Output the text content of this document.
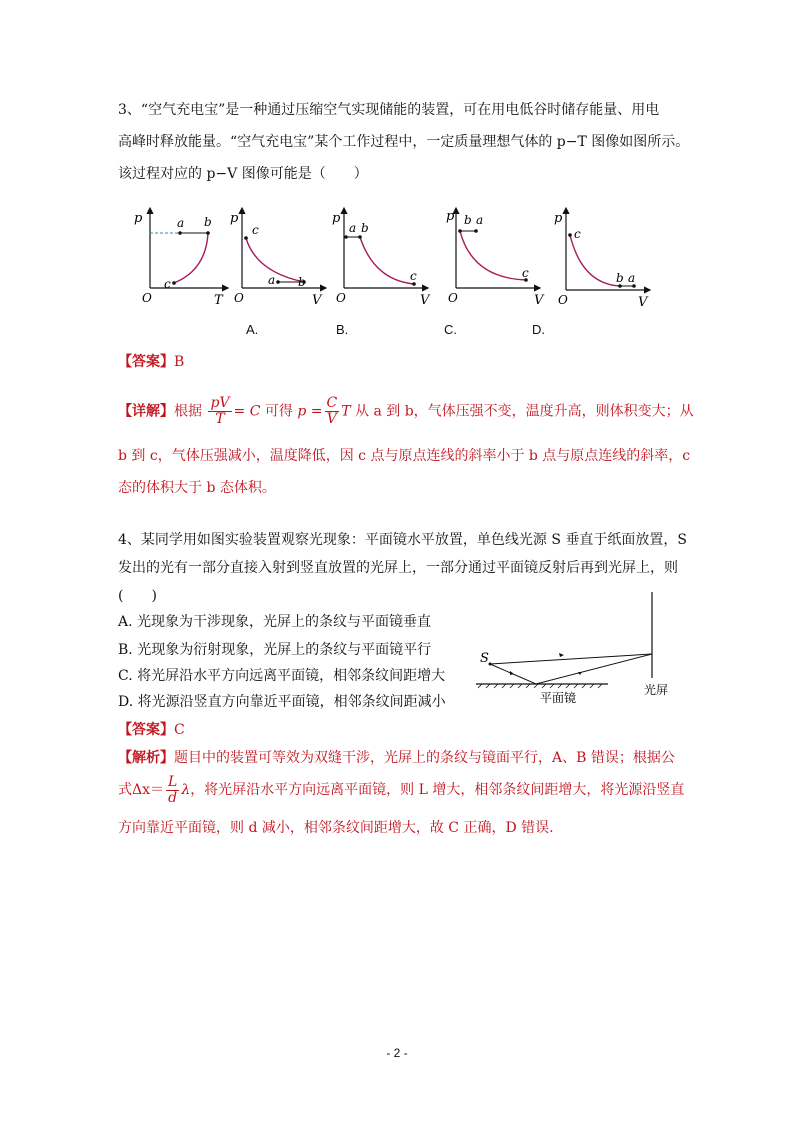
3、“空气充电宝”是一种通过压缩空气实现储能的装置，可在用电低谷时储存能量、用电
高峰时释放能量。“空气充电宝”某个工作过程中，一定质量理想气体的 p−T 图像如图所示。
该过程对应的 p−V 图像可能是（　　）
p
O	T
a b
c
p
O	V
c
a b
p
O	V
a b
c
p
O	V
b a
c
p
O	V
c
b a
A.	B.	C.	D.
【答案】B
【详解】根据 $\frac{pV}{T} = C$ 可得 $p = \frac{C}{V}$ T 从 a 到 b，气体压强不变，温度升高，则体积变大；从
b 到 c，气体压强减小，温度降低，因 c 点与原点连线的斜率小于 b 点与原点连线的斜率，c
态的体积大于 b 态体积。
4、某同学用如图实验装置观察光现象：平面镜水平放置，单色线光源 S 垂直于纸面放置，S
发出的光有一部分直接入射到竖直放置的光屏上，一部分通过平面镜反射后再到光屏上，则
(　　)
A. 光现象为干涉现象，光屏上的条纹与平面镜垂直
B. 光现象为衍射现象，光屏上的条纹与平面镜平行
C. 将光屏沿水平方向远离平面镜，相邻条纹间距增大
D. 将光源沿竖直方向靠近平面镜，相邻条纹间距减小
S
平面镜
光屏
【答案】C
【解析】题目中的装置可等效为双缝干涉，光屏上的条纹与镜面平行，A、B 错误；根据公
式$\Delta x= \frac{L}{d}$ λ，将光屏沿水平方向远离平面镜，则 L 增大，相邻条纹间距增大，将光源沿竖直
方向靠近平面镜，则 d 减小，相邻条纹间距增大，故 C 正确，D 错误.
- 2 -
